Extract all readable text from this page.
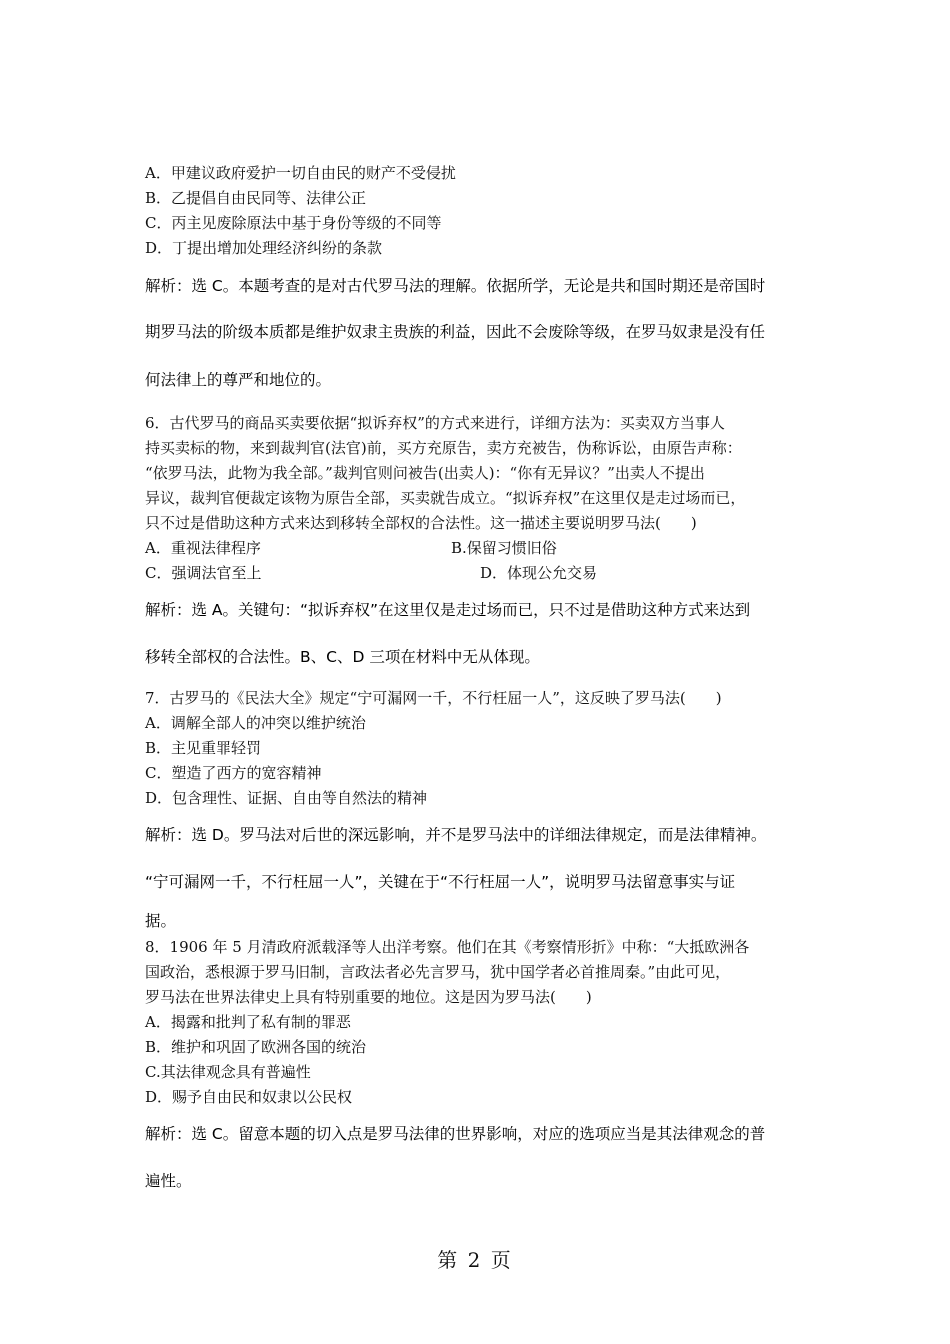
A．甲建议政府爱护一切自由民的财产不受侵扰
B．乙提倡自由民同等、法律公正
C．丙主见废除原法中基于身份等级的不同等
D．丁提出增加处理经济纠纷的条款
解析：选 C。本题考查的是对古代罗马法的理解。依据所学，无论是共和国时期还是帝国时
期罗马法的阶级本质都是维护奴隶主贵族的利益，因此不会废除等级，在罗马奴隶是没有任
何法律上的尊严和地位的。
6．古代罗马的商品买卖要依据“拟诉弃权”的方式来进行，详细方法为：买卖双方当事人
持买卖标的物，来到裁判官(法官)前，买方充原告，卖方充被告，伪称诉讼，由原告声称：
“依罗马法，此物为我全部。”裁判官则问被告(出卖人)：“你有无异议？”出卖人不提出
异议，裁判官便裁定该物为原告全部，买卖就告成立。“拟诉弃权”在这里仅是走过场而已，
只不过是借助这种方式来达到移转全部权的合法性。这一描述主要说明罗马法(　　)
A．重视法律程序	B.保留习惯旧俗
C．强调法官至上	D．体现公允交易
解析：选 A。关键句：“拟诉弃权”在这里仅是走过场而已，只不过是借助这种方式来达到
移转全部权的合法性。B、C、D 三项在材料中无从体现。
7．古罗马的《民法大全》规定“宁可漏网一千，不行枉屈一人”，这反映了罗马法(　　)
A．调解全部人的冲突以维护统治
B．主见重罪轻罚
C．塑造了西方的宽容精神
D．包含理性、证据、自由等自然法的精神
解析：选 D。罗马法对后世的深远影响，并不是罗马法中的详细法律规定，而是法律精神。
“宁可漏网一千，不行枉屈一人”，关键在于“不行枉屈一人”，说明罗马法留意事实与证
据。
8．1906 年 5 月清政府派载泽等人出洋考察。他们在其《考察情形折》中称：“大抵欧洲各
国政治，悉根源于罗马旧制，言政法者必先言罗马，犹中国学者必首推周秦。”由此可见，
罗马法在世界法律史上具有特别重要的地位。这是因为罗马法(　　)
A．揭露和批判了私有制的罪恶
B．维护和巩固了欧洲各国的统治
C.其法律观念具有普遍性
D．赐予自由民和奴隶以公民权
解析：选 C。留意本题的切入点是罗马法律的世界影响，对应的选项应当是其法律观念的普
遍性。
第 2 页
